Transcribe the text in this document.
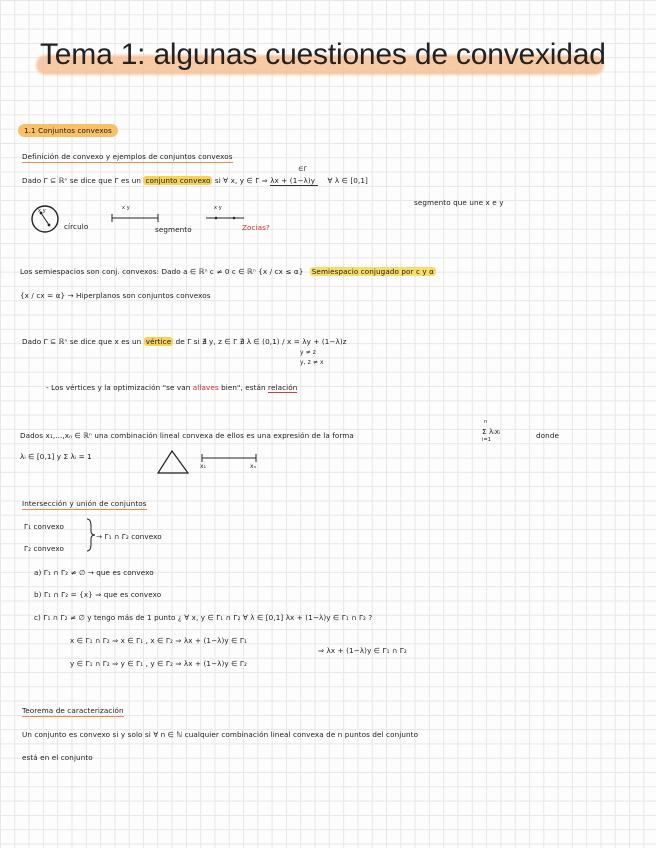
Tema 1: algunas cuestiones de convexidad
1.1 Conjuntos convexos
Definición de convexo y ejemplos de conjuntos convexos
Dado Γ ⊆ ℝⁿ se dice que Γ es un conjunto convexo si ∀ x, y ∈ Γ ⇒
∈Γ
λx + (1−λ)y ∀ λ ∈ [0,1]
segmento que une x e y
x y
círculo
x y
segmento
x y
Zocias?
Los semiespacios son conj. convexos: Dado a ∈ ℝⁿ c ≠ 0 c ∈ ℝⁿ {x / cx ≤ α} Semiespacio conjugado por c y α
{x / cx = α} → Hiperplanos son conjuntos convexos
Dado Γ ⊆ ℝⁿ se dice que x es un vértice de Γ si ∄ y, z ∈ Γ ∄ λ ∈ (0,1) / x = λy + (1−λ)z
y ≠ z
y, z ≠ x
- Los vértices y la optimización "se van allaves bien", están relación
Dados x₁,...,xₙ ∈ ℝⁿ una combinación lineal convexa de ellos es una expresión de la forma
n
Σ λᵢxᵢ
i=1	donde
λᵢ ∈ [0,1] y Σ λᵢ = 1
x₁	xₙ
Intersección y unión de conjuntos
Γ₁ convexo
Γ₂ convexo
→ Γ₁ ∩ Γ₂ convexo
a) Γ₁ ∩ Γ₂ ≠ ∅ → que es convexo
b) Γ₁ ∩ Γ₂ = {x} ⇒ que es convexo
c) Γ₁ ∩ Γ₂ ≠ ∅ y tengo más de 1 punto ¿ ∀ x, y ∈ Γ₁ ∩ Γ₂ ∀ λ ∈ [0,1] λx + (1−λ)y ∈ Γ₁ ∩ Γ₂ ?
x ∈ Γ₁ ∩ Γ₂ ⇒ x ∈ Γ₁ , x ∈ Γ₂ ⇒ λx + (1−λ)y ∈ Γ₁
y ∈ Γ₁ ∩ Γ₂ ⇒ y ∈ Γ₁ , y ∈ Γ₂ ⇒ λx + (1−λ)y ∈ Γ₂
⇒ λx + (1−λ)y ∈ Γ₁ ∩ Γ₂
Teorema de caracterización
Un conjunto es convexo si y solo si ∀ n ∈ ℕ cualquier combinación lineal convexa de n puntos del conjunto
está en el conjunto
